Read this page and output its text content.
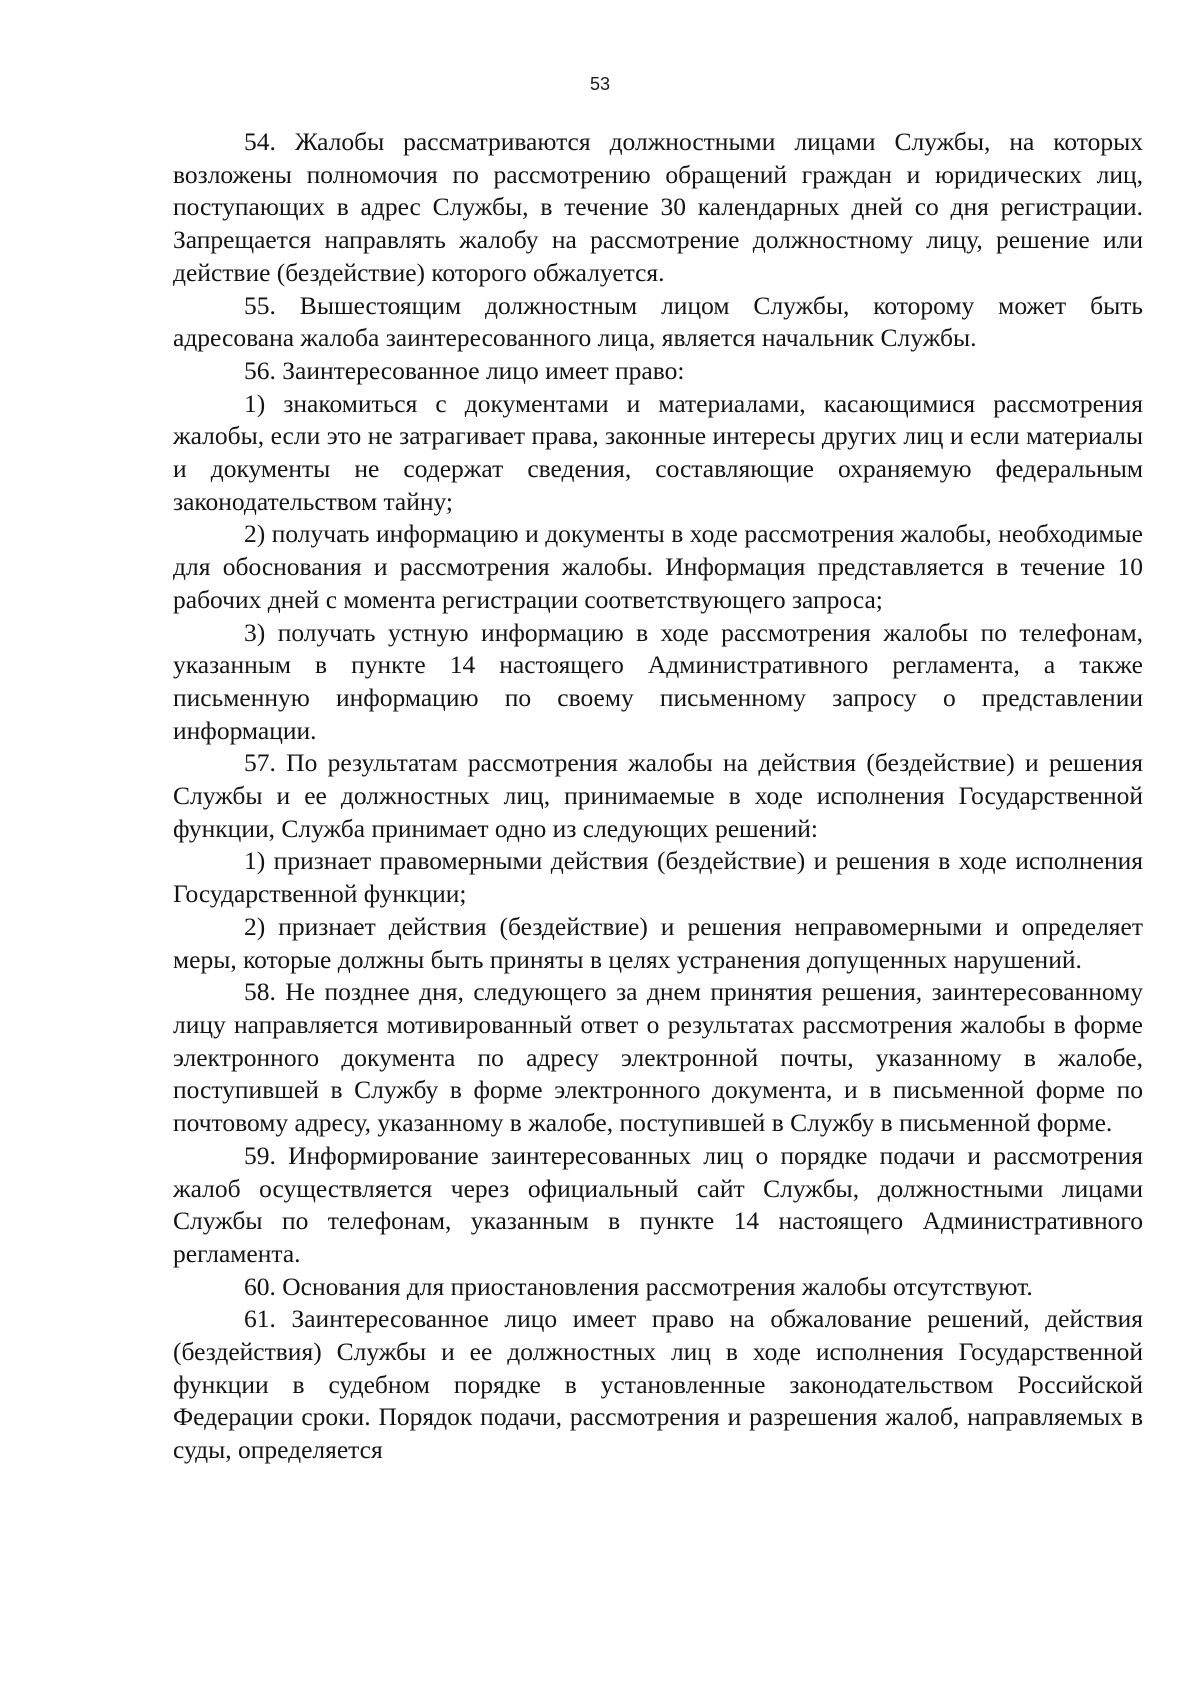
53

54. Жалобы рассматриваются должностными лицами Службы, на которых возложены полномочия по рассмотрению обращений граждан и юридических лиц, поступающих в адрес Службы, в течение 30 календарных дней со дня регистрации. Запрещается направлять жалобу на рассмотрение должностному лицу, решение или действие (бездействие) которого обжалуется.

55. Вышестоящим должностным лицом Службы, которому может быть адресована жалоба заинтересованного лица, является начальник Службы.

56. Заинтересованное лицо имеет право:

1) знакомиться с документами и материалами, касающимися рассмотрения жалобы, если это не затрагивает права, законные интересы других лиц и если материалы и документы не содержат сведения, составляющие охраняемую федеральным законодательством тайну;

2) получать информацию и документы в ходе рассмотрения жалобы, необходимые для обоснования и рассмотрения жалобы. Информация представляется в течение 10 рабочих дней с момента регистрации соответствующего запроса;

3) получать устную информацию в ходе рассмотрения жалобы по телефонам, указанным в пункте 14 настоящего Административного регламента, а также письменную информацию по своему письменному запросу о представлении информации.

57. По результатам рассмотрения жалобы на действия (бездействие) и решения Службы и ее должностных лиц, принимаемые в ходе исполнения Государственной функции, Служба принимает одно из следующих решений:

1) признает правомерными действия (бездействие) и решения в ходе исполнения Государственной функции;

2) признает действия (бездействие) и решения неправомерными и определяет меры, которые должны быть приняты в целях устранения допущенных нарушений.

58. Не позднее дня, следующего за днем принятия решения, заинтересованному лицу направляется мотивированный ответ о результатах рассмотрения жалобы в форме электронного документа по адресу электронной почты, указанному в жалобе, поступившей в Службу в форме электронного документа, и в письменной форме по почтовому адресу, указанному в жалобе, поступившей в Службу в письменной форме.

59. Информирование заинтересованных лиц о порядке подачи и рассмотрения жалоб осуществляется через официальный сайт Службы, должностными лицами Службы по телефонам, указанным в пункте 14 настоящего Административного регламента.

60. Основания для приостановления рассмотрения жалобы отсутствуют.

61. Заинтересованное лицо имеет право на обжалование решений, действия (бездействия) Службы и ее должностных лиц в ходе исполнения Государственной функции в судебном порядке в установленные законодательством Российской Федерации сроки. Порядок подачи, рассмотрения и разрешения жалоб, направляемых в суды, определяется
